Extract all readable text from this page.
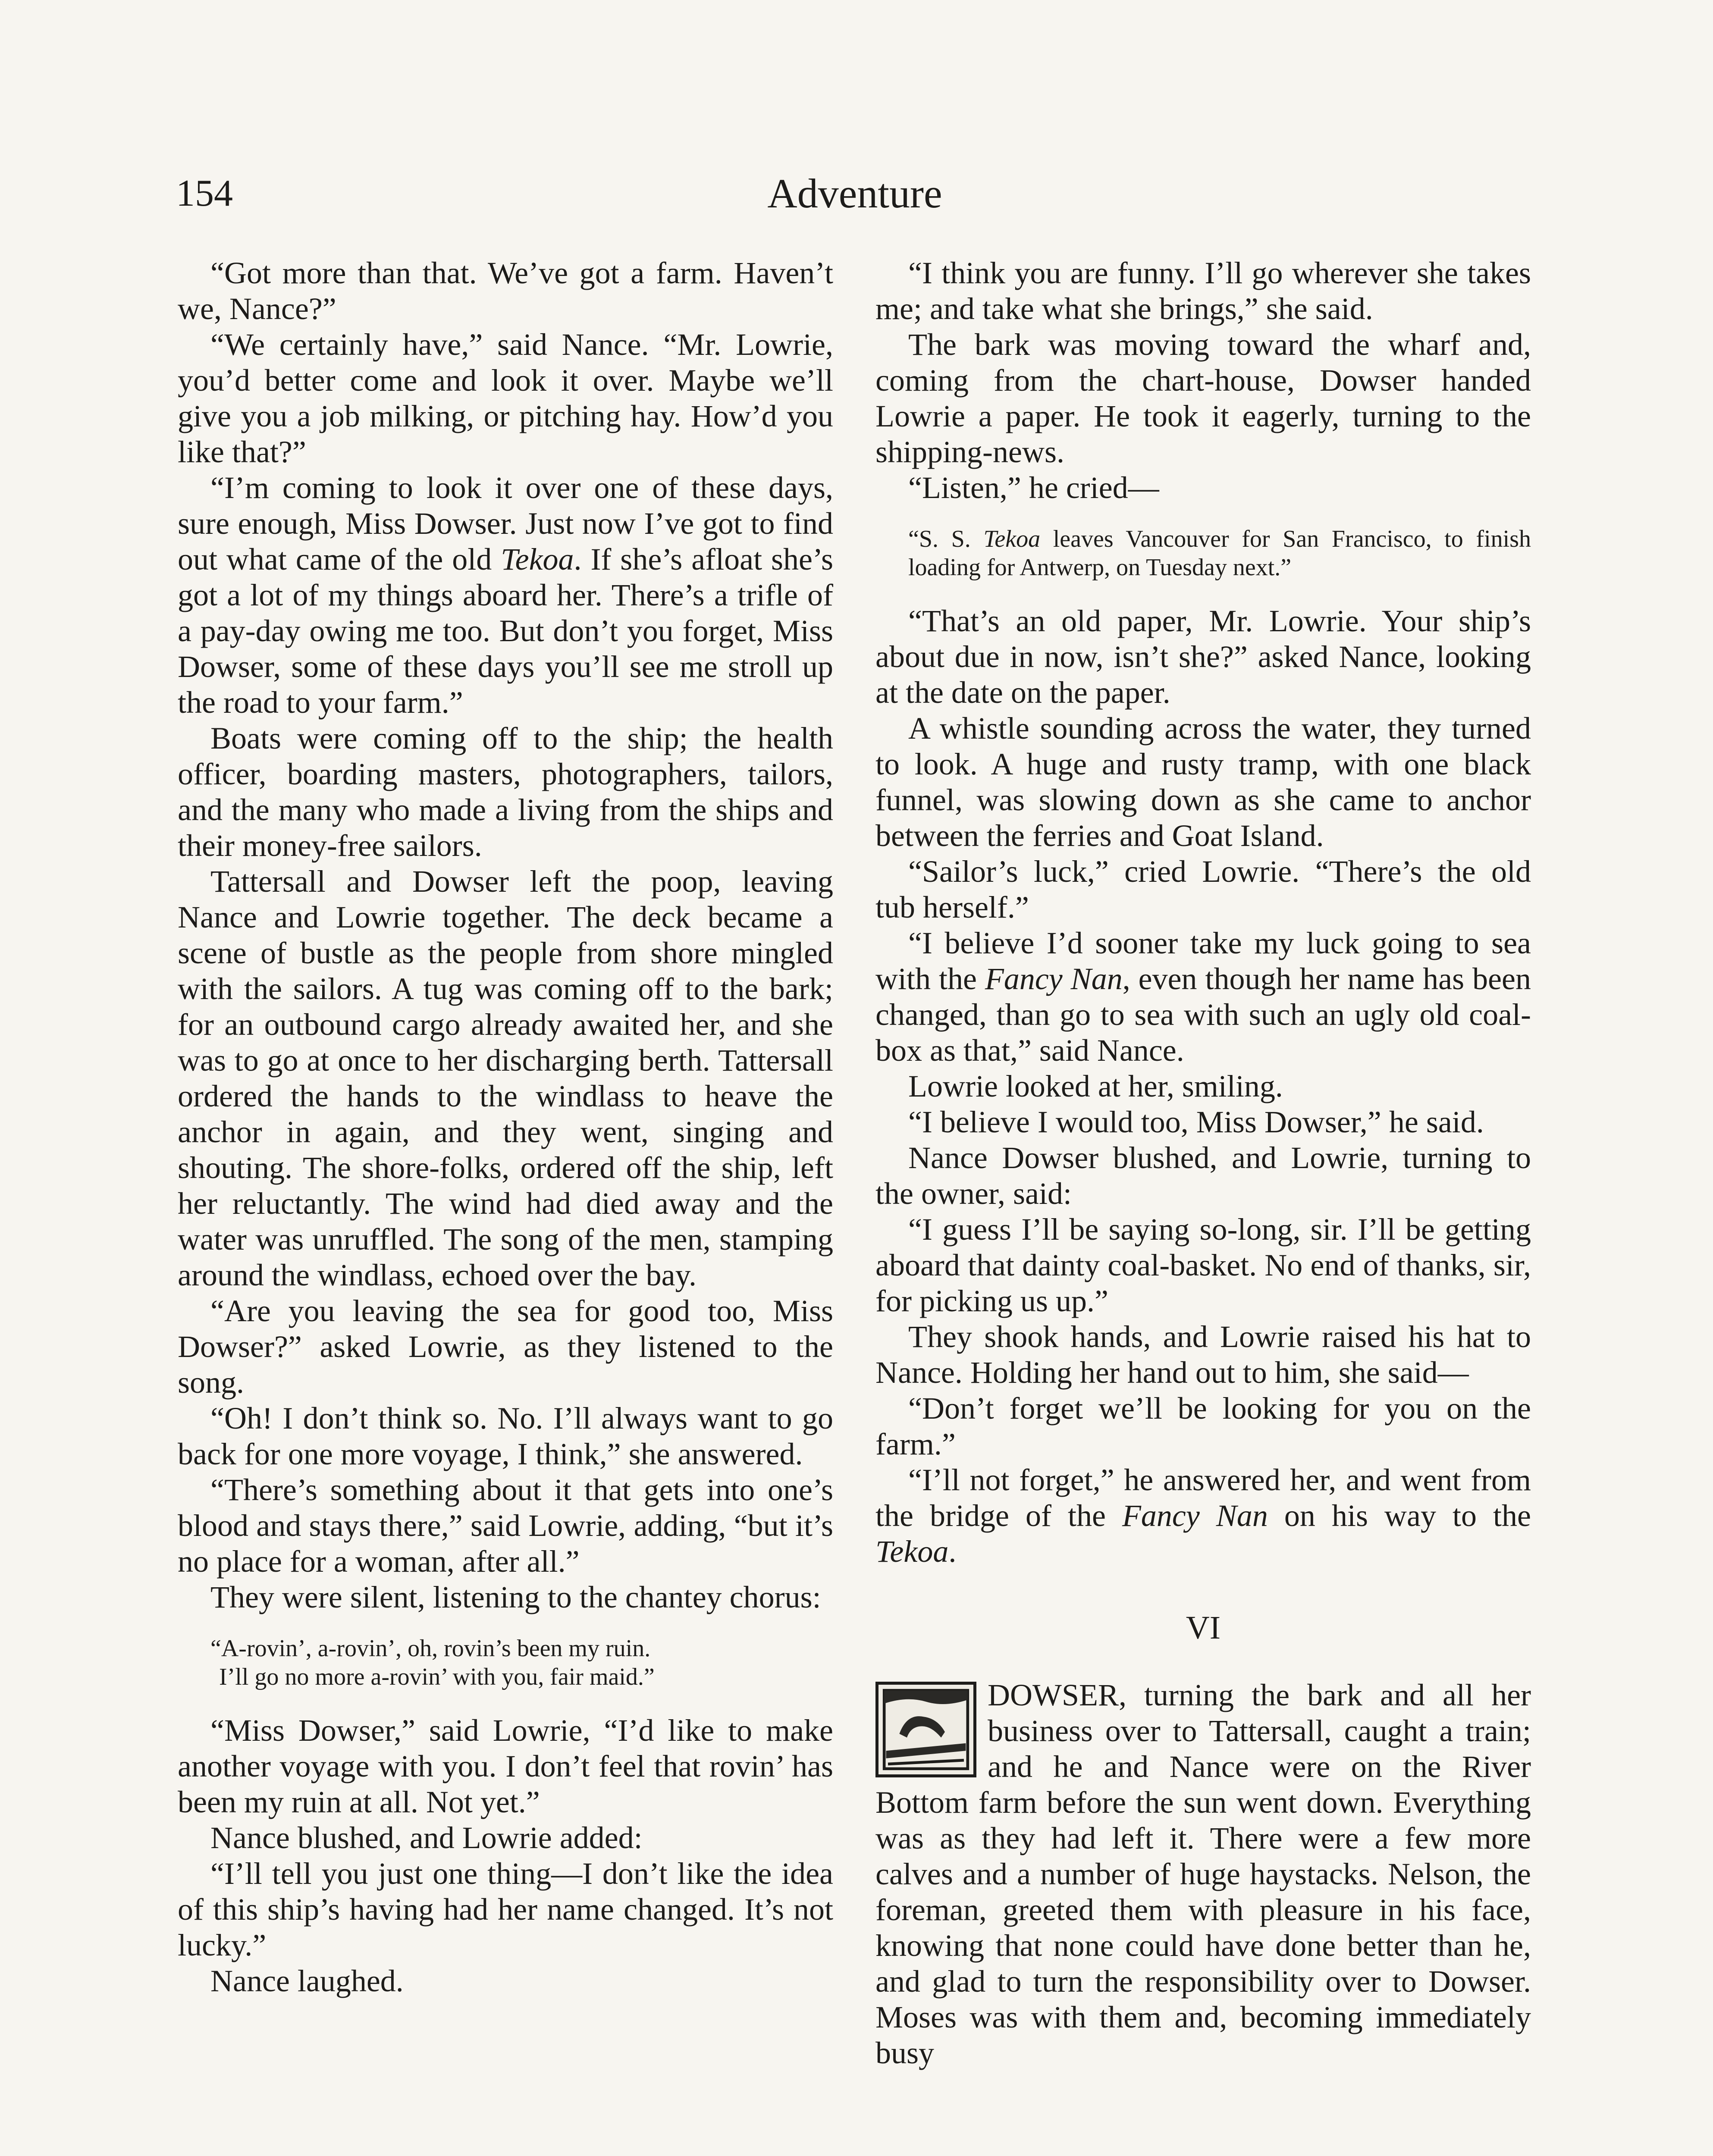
154	Adventure

“Got more than that. We’ve got a farm. Haven’t we, Nance?”

“We certainly have,” said Nance. “Mr. Lowrie, you’d better come and look it over. Maybe we’ll give you a job milking, or pitching hay. How’d you like that?”

“I’m coming to look it over one of these days, sure enough, Miss Dowser. Just now I’ve got to find out what came of the old Tekoa. If she’s afloat she’s got a lot of my things aboard her. There’s a trifle of a pay-day owing me too. But don’t you forget, Miss Dowser, some of these days you’ll see me stroll up the road to your farm.”

Boats were coming off to the ship; the health officer, boarding masters, photographers, tailors, and the many who made a living from the ships and their money-free sailors.

Tattersall and Dowser left the poop, leaving Nance and Lowrie together. The deck became a scene of bustle as the people from shore mingled with the sailors. A tug was coming off to the bark; for an outbound cargo already awaited her, and she was to go at once to her discharging berth. Tattersall ordered the hands to the windlass to heave the anchor in again, and they went, singing and shouting. The shore-folks, ordered off the ship, left her reluctantly. The wind had died away and the water was unruffled. The song of the men, stamping around the windlass, echoed over the bay.

“Are you leaving the sea for good too, Miss Dowser?” asked Lowrie, as they listened to the song.

“Oh! I don’t think so. No. I’ll always want to go back for one more voyage, I think,” she answered.

“There’s something about it that gets into one’s blood and stays there,” said Lowrie, adding, “but it’s no place for a woman, after all.”

They were silent, listening to the chantey chorus:

“A-rovin’, a-rovin’, oh, rovin’s been my ruin.
I’ll go no more a-rovin’ with you, fair maid.”

“Miss Dowser,” said Lowrie, “I’d like to make another voyage with you. I don’t feel that rovin’ has been my ruin at all. Not yet.”

Nance blushed, and Lowrie added:

“I’ll tell you just one thing—I don’t like the idea of this ship’s having had her name changed. It’s not lucky.”

Nance laughed.

“I think you are funny. I’ll go wherever she takes me; and take what she brings,” she said.

The bark was moving toward the wharf and, coming from the chart-house, Dowser handed Lowrie a paper. He took it eagerly, turning to the shipping-news.

“Listen,” he cried—

“S. S. Tekoa leaves Vancouver for San Francisco, to finish loading for Antwerp, on Tuesday next.”

“That’s an old paper, Mr. Lowrie. Your ship’s about due in now, isn’t she?” asked Nance, looking at the date on the paper.

A whistle sounding across the water, they turned to look. A huge and rusty tramp, with one black funnel, was slowing down as she came to anchor between the ferries and Goat Island.

“Sailor’s luck,” cried Lowrie. “There’s the old tub herself.”

“I believe I’d sooner take my luck going to sea with the Fancy Nan, even though her name has been changed, than go to sea with such an ugly old coal-box as that,” said Nance.

Lowrie looked at her, smiling.

“I believe I would too, Miss Dowser,” he said.

Nance Dowser blushed, and Lowrie, turning to the owner, said:

“I guess I’ll be saying so-long, sir. I’ll be getting aboard that dainty coal-basket. No end of thanks, sir, for picking us up.”

They shook hands, and Lowrie raised his hat to Nance. Holding her hand out to him, she said—

“Don’t forget we’ll be looking for you on the farm.”

“I’ll not forget,” he answered her, and went from the bridge of the Fancy Nan on his way to the Tekoa.

VI

DOWSER, turning the bark and all her business over to Tattersall, caught a train; and he and Nance were on the River Bottom farm before the sun went down. Everything was as they had left it. There were a few more calves and a number of huge haystacks. Nelson, the foreman, greeted them with pleasure in his face, knowing that none could have done better than he, and glad to turn the responsibility over to Dowser. Moses was with them and, becoming immediately busy
